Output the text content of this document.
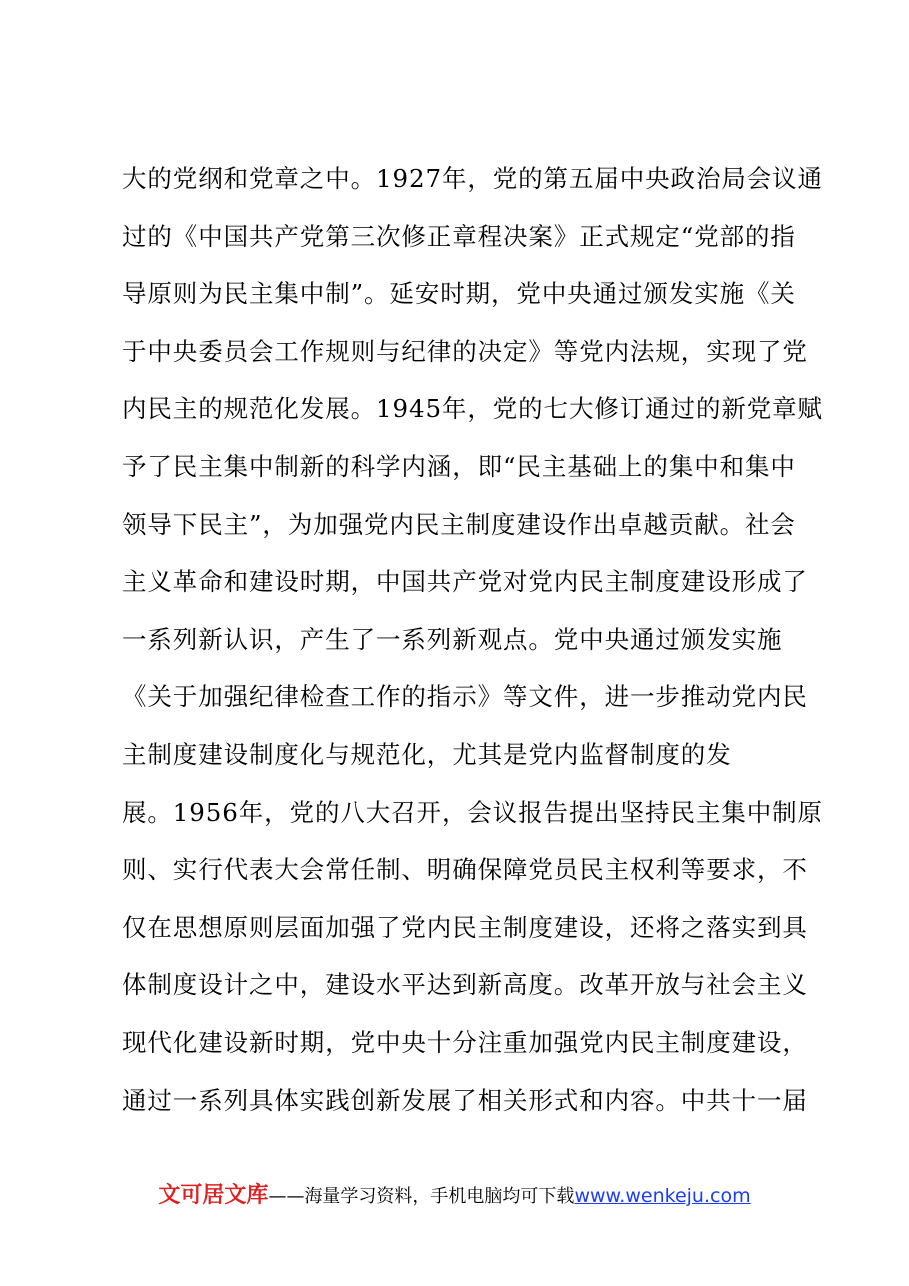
大的党纲和党章之中。1927年，党的第五届中央政治局会议通
过的《中国共产党第三次修正章程决案》正式规定“党部的指
导原则为民主集中制”。延安时期，党中央通过颁发实施《关
于中央委员会工作规则与纪律的决定》等党内法规，实现了党
内民主的规范化发展。1945年，党的七大修订通过的新党章赋
予了民主集中制新的科学内涵，即“民主基础上的集中和集中
领导下民主”，为加强党内民主制度建设作出卓越贡献。社会
主义革命和建设时期，中国共产党对党内民主制度建设形成了
一系列新认识，产生了一系列新观点。党中央通过颁发实施
《关于加强纪律检查工作的指示》等文件，进一步推动党内民
主制度建设制度化与规范化，尤其是党内监督制度的发
展。1956年，党的八大召开，会议报告提出坚持民主集中制原
则、实行代表大会常任制、明确保障党员民主权利等要求，不
仅在思想原则层面加强了党内民主制度建设，还将之落实到具
体制度设计之中，建设水平达到新高度。改革开放与社会主义
现代化建设新时期，党中央十分注重加强党内民主制度建设，
通过一系列具体实践创新发展了相关形式和内容。中共十一届
文可居文库——海量学习资料，手机电脑均可下载www.wenkeju.com
